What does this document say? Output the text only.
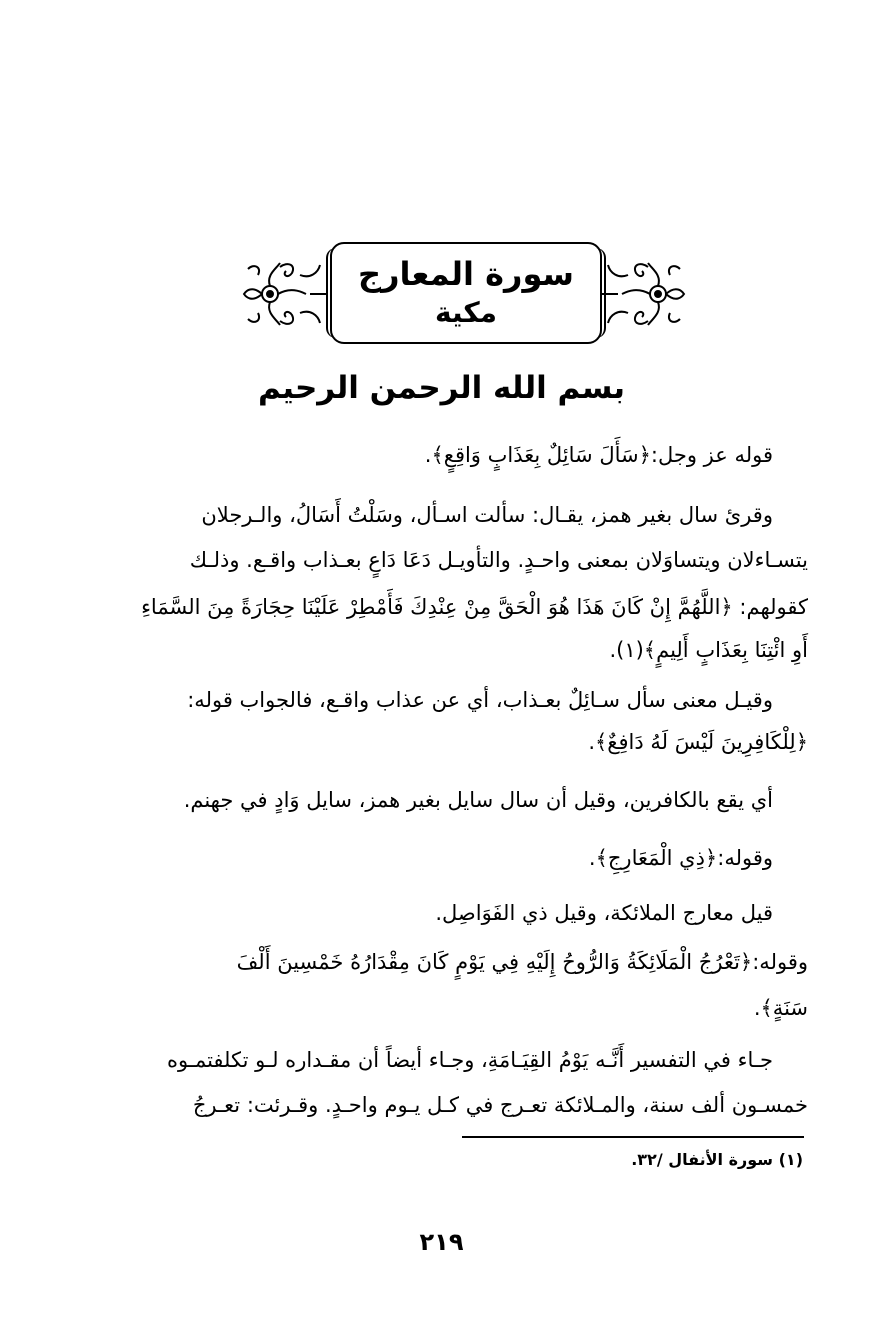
سورة المعارج
مكية
بسم الله الرحمن الرحيم
قوله عز وجل:﴿سَأَلَ سَائِلٌ بِعَذَابٍ وَاقِعٍ﴾.
وقرئ سال بغير همز، يقـال: سألت اسـأل، وسَلْتُ أَسَالُ، والـرجلان
يتسـاءلان ويتساوَلان بمعنى واحـدٍ. والتأويـل دَعَا دَاعٍ بعـذاب واقـع. وذلـك
كقولهم: ﴿اللَّهُمَّ إِنْ كَانَ هَذَا هُوَ الْحَقَّ مِنْ عِنْدِكَ فَأَمْطِرْ عَلَيْنَا حِجَارَةً مِنَ السَّمَاءِ
أَوِ ائْتِنَا بِعَذَابٍ أَلِيمٍ﴾(١).
وقيـل معنى سأل سـائِلٌ بعـذاب، أي عن عذاب واقـع، فالجواب قوله:
﴿لِلْكَافِرِينَ لَيْسَ لَهُ دَافِعٌ﴾.
أي يقع بالكافرين، وقيل أن سال سايل بغير همز، سايل وَادٍ في جهنم.
وقوله:﴿ذِي الْمَعَارِجِ﴾.
قيل معارج الملائكة، وقيل ذي الفَوَاصِل.
وقوله:﴿تَعْرُجُ الْمَلَائِكَةُ وَالرُّوحُ إِلَيْهِ فِي يَوْمٍ كَانَ مِقْدَارُهُ خَمْسِينَ أَلْفَ
سَنَةٍ﴾.
جـاء في التفسير أَنَّـه يَوْمُ القِيَـامَةِ، وجـاء أيضاً أن مقـداره لـو تكلفتمـوه
خمسـون ألف سنة، والمـلائكة تعـرج في كـل يـوم واحـدٍ. وقـرئت: تعـرجُ
(١) سورة الأنفال /٣٢.
٢١٩
